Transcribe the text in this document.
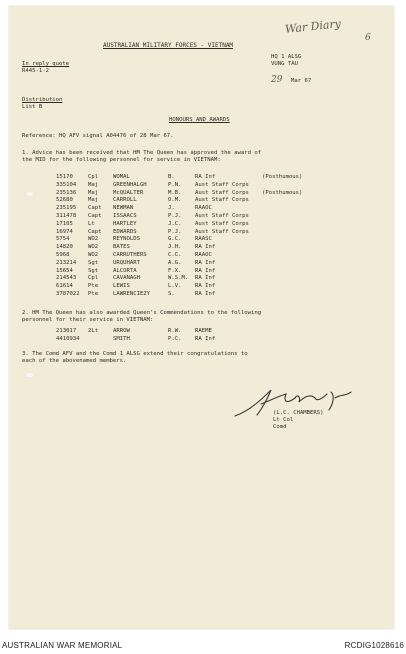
War Diary
6
AUSTRALIAN MILITARY FORCES - VIETNAM
In reply quote
R445-1-2
HQ 1 ALSG
VUNG TAU
29 Mar 67
Distribution
List B
HONOURS AND AWARDS
Reference: HQ AFV signal A04476 of 28 Mar 67.
1. Advice has been received that HM The Queen has approved the award of
the MID for the following personnel for service in VIETNAM:
15170	Cpl	WOMAL	B.	RA Inf	(Posthumous)
335104 Maj	GREENHALGH	P.N. Aust Staff Corps
235136 Maj	McQUALTER	M.B. Aust Staff Corps (Posthumous)
52680	Maj	CARROLL	O.M. Aust Staff Corps
235195 Capt NEWMAN	J.	RAAOC
311478 Capt ISSAACS	P.J. Aust Staff Corps
17105	Lt	HARTLEY	J.C. Aust Staff Corps
16974	Capt EDWARDS	P.J. Aust Staff Corps
5754	WO2	REYNOLDS	G.C. RAASC
14820	WO2	BATES	J.H. RA Inf
5968	WO2	CARRUTHERS	C.C. RAAOC
213214 Sgt	URQUHART	A.G. RA Inf
15654	Sgt	ALCORTA	F.X. RA Inf
214543 Cpl	CAVANAGH	W.S.M. RA Inf
61614	Pte	LEWIS	L.V. RA Inf
3787022 Pte	LAWRENCIEZY	S.	RA Inf
2. HM The Queen has also awarded Queen's Commendations to the following
personnel for their service in VIETNAM:
213017 2Lt	ARROW	R.W. RAEME
4410934	SMITH	P.C. RA Inf
3. The Comd AFV and the Comd 1 ALSG extend their congratulations to
each of the abovenamed members.
(L.C. CHAMBERS)
Lt Col
Comd
AUSTRALIAN WAR MEMORIAL	RCDIG1028616
